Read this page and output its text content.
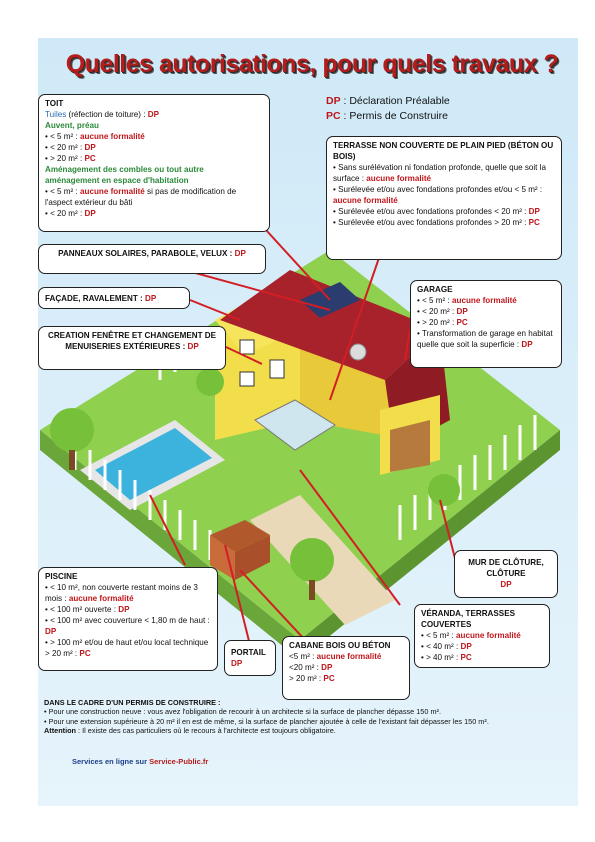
Quelles autorisations, pour quels travaux ?
DP : Déclaration Préalable
PC : Permis de Construire
TOIT
Tuiles (réfection de toiture) : DP
Auvent, préau
• < 5 m² : aucune formalité
• < 20 m² : DP
• > 20 m² : PC
Aménagement des combles ou tout autre
aménagement en espace d'habitation
• < 5 m² : aucune formalité si pas de modification de l'aspect extérieur du bâti
• < 20 m² : DP
PANNEAUX SOLAIRES, PARABOLE, VELUX : DP
FAÇADE, RAVALEMENT : DP
CREATION FENÊTRE ET CHANGEMENT DE MENUISERIES EXTÉRIEURES : DP
TERRASSE NON COUVERTE DE PLAIN PIED (BÉTON OU BOIS)
• Sans surélévation ni fondation profonde, quelle que soit la surface : aucune formalité
• Surélevée et/ou avec fondations profondes et/ou < 5 m² : aucune formalité
• Surélevée et/ou avec fondations profondes < 20 m² : DP
• Surélevée et/ou avec fondations profondes > 20 m² : PC
GARAGE
• < 5 m² : aucune formalité
• < 20 m² : DP
• > 20 m² : PC
• Transformation de garage en habitat quelle que soit la superficie : DP
MUR DE CLÔTURE, CLÔTURE
DP
VÉRANDA, TERRASSES COUVERTES
• < 5 m² : aucune formalité
• < 40 m² : DP
• > 40 m² : PC
PISCINE
• < 10 m², non couverte restant moins de 3 mois : aucune formalité
• < 100 m² ouverte : DP
• < 100 m² avec couverture < 1,80 m de haut : DP
• > 100 m² et/ou de haut et/ou local technique > 20 m² : PC	PORTAIL
DP
CABANE BOIS OU BÉTON
<5 m² : aucune formalité
<20 m² : DP
> 20 m² : PC
DANS LE CADRE D'UN PERMIS DE CONSTRUIRE :
• Pour une construction neuve : vous avez l'obligation de recourir à un architecte si la surface de plancher dépasse 150 m².
• Pour une extension supérieure à 20 m² il en est de même, si la surface de plancher ajoutée à celle de l'existant fait dépasser les 150 m².
Attention : Il existe des cas particuliers où le recours à l'architecte est toujours obligatoire.
Services en ligne sur Service-Public.fr
